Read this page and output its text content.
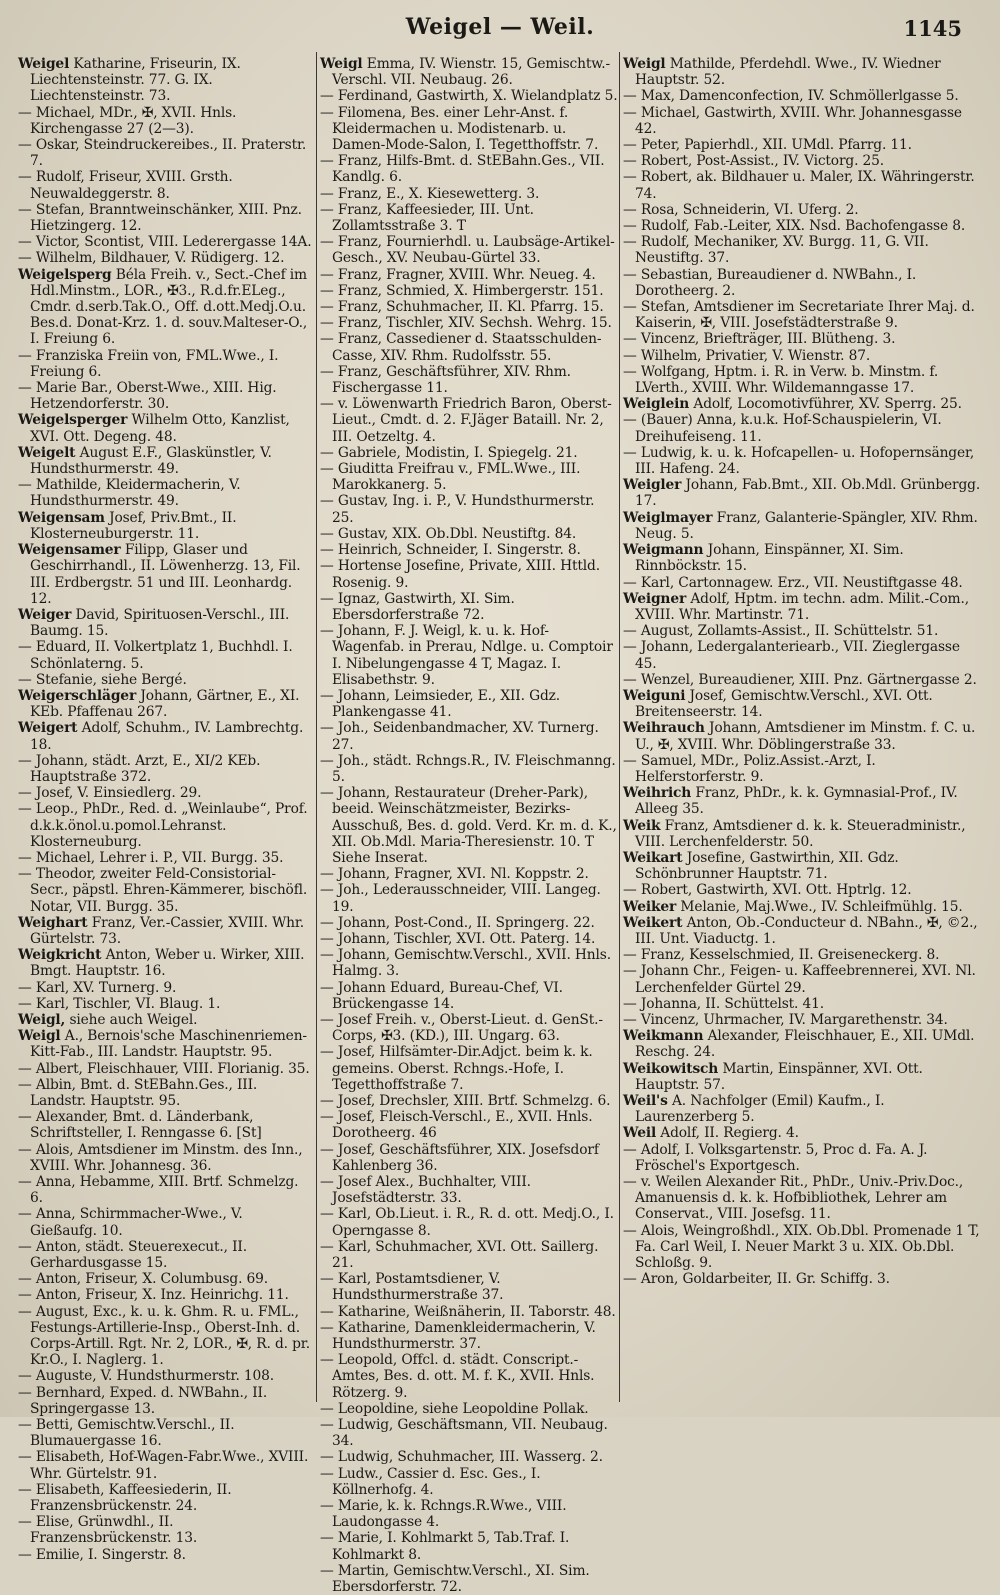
Weigel — Weil.	1145
Weigel Katharine, Friseurin, IX. Liechtensteinstr. 77. G. IX. Liechtensteinstr. 73.
— Michael, MDr., ✠, XVII. Hnls. Kirchengasse 27 (2—3).
— Oskar, Steindruckereibes., II. Praterstr. 7.
— Rudolf, Friseur, XVIII. Grsth. Neuwaldeggerstr. 8.
— Stefan, Branntweinschänker, XIII. Pnz. Hietzingerg. 12.
— Victor, Scontist, VIII. Lederergasse 14A.
— Wilhelm, Bildhauer, V. Rüdigerg. 12.
Weigelsperg Béla Freih. v., Sect.-Chef im Hdl.Minstm., LOR., ✠3., R.d.fr.ELeg., Cmdr. d.serb.Tak.O., Off. d.ott.Medj.O.u. Bes.d. Donat-Krz. 1. d. souv.Malteser-O., I. Freiung 6.
— Franziska Freiin von, FML.Wwe., I. Freiung 6.
— Marie Bar., Oberst-Wwe., XIII. Hig. Hetzendorferstr. 30.
Weigelsperger Wilhelm Otto, Kanzlist, XVI. Ott. Degeng. 48.
Weigelt August E.F., Glaskünstler, V. Hundsthurmerstr. 49.
— Mathilde, Kleidermacherin, V. Hundsthurmerstr. 49.
Weigensam Josef, Priv.Bmt., II. Klosterneuburgerstr. 11.
Weigensamer Filipp, Glaser und Geschirrhandl., II. Löwenherzg. 13, Fil. III. Erdbergstr. 51 und III. Leonhardg. 12.
Weiger David, Spirituosen-Verschl., III. Baumg. 15.
— Eduard, II. Volkertplatz 1, Buchhdl. I. Schönlaterng. 5.
— Stefanie, siehe Bergé.
Weigerschläger Johann, Gärtner, E., XI. KEb. Pfaffenau 267.
Weigert Adolf, Schuhm., IV. Lambrechtg. 18.
— Johann, städt. Arzt, E., XI/2 KEb. Hauptstraße 372.
— Josef, V. Einsiedlerg. 29.
— Leop., PhDr., Red. d. „Weinlaube“, Prof. d.k.k.önol.u.pomol.Lehranst. Klosterneuburg.
— Michael, Lehrer i. P., VII. Burgg. 35.
— Theodor, zweiter Feld-Consistorial-Secr., päpstl. Ehren-Kämmerer, bischöfl. Notar, VII. Burgg. 35.
Weighart Franz, Ver.-Cassier, XVIII. Whr. Gürtelstr. 73.
Weigkricht Anton, Weber u. Wirker, XIII. Bmgt. Hauptstr. 16.
— Karl, XV. Turnerg. 9.
— Karl, Tischler, VI. Blaug. 1.
Weigl, siehe auch Weigel.
Weigl A., Bernois'sche Maschinenriemen-Kitt-Fab., III. Landstr. Hauptstr. 95.
— Albert, Fleischhauer, VIII. Florianig. 35.
— Albin, Bmt. d. StEBahn.Ges., III. Landstr. Hauptstr. 95.
— Alexander, Bmt. d. Länderbank, Schriftsteller, I. Renngasse 6. [St]
— Alois, Amtsdiener im Minstm. des Inn., XVIII. Whr. Johannesg. 36.
— Anna, Hebamme, XIII. Brtf. Schmelzg. 6.
— Anna, Schirmmacher-Wwe., V. Gießaufg. 10.
— Anton, städt. Steuerexecut., II. Gerhardusgasse 15.
— Anton, Friseur, X. Columbusg. 69.
— Anton, Friseur, X. Inz. Heinrichg. 11.
— August, Exc., k. u. k. Ghm. R. u. FML., Festungs-Artillerie-Insp., Oberst-Inh. d. Corps-Artill. Rgt. Nr. 2, LOR., ✠, R. d. pr. Kr.O., I. Naglerg. 1.
— Auguste, V. Hundsthurmerstr. 108.
— Bernhard, Exped. d. NWBahn., II. Springergasse 13.
— Betti, Gemischtw.Verschl., II. Blumauergasse 16.
— Elisabeth, Hof-Wagen-Fabr.Wwe., XVIII. Whr. Gürtelstr. 91.
— Elisabeth, Kaffeesiederin, II. Franzensbrückenstr. 24.
— Elise, Grünwdhl., II. Franzensbrückenstr. 13.
— Emilie, I. Singerstr. 8.
Weigl Emma, IV. Wienstr. 15, Gemischtw.-Verschl. VII. Neubaug. 26.
— Ferdinand, Gastwirth, X. Wielandplatz 5.
— Filomena, Bes. einer Lehr-Anst. f. Kleidermachen u. Modistenarb. u. Damen-Mode-Salon, I. Tegetthoffstr. 7.
— Franz, Hilfs-Bmt. d. StEBahn.Ges., VII. Kandlg. 6.
— Franz, E., X. Kiesewetterg. 3.
— Franz, Kaffeesieder, III. Unt. Zollamtsstraße 3. T
— Franz, Fournierhdl. u. Laubsäge-Artikel-Gesch., XV. Neubau-Gürtel 33.
— Franz, Fragner, XVIII. Whr. Neueg. 4.
— Franz, Schmied, X. Himbergerstr. 151.
— Franz, Schuhmacher, II. Kl. Pfarrg. 15.
— Franz, Tischler, XIV. Sechsh. Wehrg. 15.
— Franz, Cassediener d. Staatsschulden-Casse, XIV. Rhm. Rudolfsstr. 55.
— Franz, Geschäftsführer, XIV. Rhm. Fischergasse 11.
— v. Löwenwarth Friedrich Baron, Oberst-Lieut., Cmdt. d. 2. F.Jäger Bataill. Nr. 2, III. Oetzeltg. 4.
— Gabriele, Modistin, I. Spiegelg. 21.
— Giuditta Freifrau v., FML.Wwe., III. Marokkanerg. 5.
— Gustav, Ing. i. P., V. Hundsthurmerstr. 25.
— Gustav, XIX. Ob.Dbl. Neustiftg. 84.
— Heinrich, Schneider, I. Singerstr. 8.
— Hortense Josefine, Private, XIII. Httld. Rosenig. 9.
— Ignaz, Gastwirth, XI. Sim. Ebersdorferstraße 72.
— Johann, F. J. Weigl, k. u. k. Hof-Wagenfab. in Prerau, Ndlge. u. Comptoir I. Nibelungengasse 4 T, Magaz. I. Elisabethstr. 9.
— Johann, Leimsieder, E., XII. Gdz. Plankengasse 41.
— Joh., Seidenbandmacher, XV. Turnerg. 27.
— Joh., städt. Rchngs.R., IV. Fleischmanng. 5.
— Johann, Restaurateur (Dreher-Park), beeid. Weinschätzmeister, Bezirks-Ausschuß, Bes. d. gold. Verd. Kr. m. d. K., XII. Ob.Mdl. Maria-Theresienstr. 10. T Siehe Inserat.
— Johann, Fragner, XVI. Nl. Koppstr. 2.
— Joh., Lederausschneider, VIII. Langeg. 19.
— Johann, Post-Cond., II. Springerg. 22.
— Johann, Tischler, XVI. Ott. Paterg. 14.
— Johann, Gemischtw.Verschl., XVII. Hnls. Halmg. 3.
— Johann Eduard, Bureau-Chef, VI. Brückengasse 14.
— Josef Freih. v., Oberst-Lieut. d. GenSt.-Corps, ✠3. (KD.), III. Ungarg. 63.
— Josef, Hilfsämter-Dir.Adjct. beim k. k. gemeins. Oberst. Rchngs.-Hofe, I. Tegetthoffstraße 7.
— Josef, Drechsler, XIII. Brtf. Schmelzg. 6.
— Josef, Fleisch-Verschl., E., XVII. Hnls. Dorotheerg. 46
— Josef, Geschäftsführer, XIX. Josefsdorf Kahlenberg 36.
— Josef Alex., Buchhalter, VIII. Josefstädterstr. 33.
— Karl, Ob.Lieut. i. R., R. d. ott. Medj.O., I. Operngasse 8.
— Karl, Schuhmacher, XVI. Ott. Saillerg. 21.
— Karl, Postamtsdiener, V. Hundsthurmerstraße 37.
— Katharine, Weißnäherin, II. Taborstr. 48.
— Katharine, Damenkleidermacherin, V. Hundsthurmerstr. 37.
— Leopold, Offcl. d. städt. Conscript.-Amtes, Bes. d. ott. M. f. K., XVII. Hnls. Rötzerg. 9.
— Leopoldine, siehe Leopoldine Pollak.
— Ludwig, Geschäftsmann, VII. Neubaug. 34.
— Ludwig, Schuhmacher, III. Wasserg. 2.
— Ludw., Cassier d. Esc. Ges., I. Köllnerhofg. 4.
— Marie, k. k. Rchngs.R.Wwe., VIII. Laudongasse 4.
— Marie, I. Kohlmarkt 5, Tab.Traf. I. Kohlmarkt 8.
— Martin, Gemischtw.Verschl., XI. Sim. Ebersdorferstr. 72.
Weigl Mathilde, Pferdehdl. Wwe., IV. Wiedner Hauptstr. 52.
— Max, Damenconfection, IV. Schmöllerlgasse 5.
— Michael, Gastwirth, XVIII. Whr. Johannesgasse 42.
— Peter, Papierhdl., XII. UMdl. Pfarrg. 11.
— Robert, Post-Assist., IV. Victorg. 25.
— Robert, ak. Bildhauer u. Maler, IX. Währingerstr. 74.
— Rosa, Schneiderin, VI. Uferg. 2.
— Rudolf, Fab.-Leiter, XIX. Nsd. Bachofengasse 8.
— Rudolf, Mechaniker, XV. Burgg. 11, G. VII. Neustiftg. 37.
— Sebastian, Bureaudiener d. NWBahn., I. Dorotheerg. 2.
— Stefan, Amtsdiener im Secretariate Ihrer Maj. d. Kaiserin, ✠, VIII. Josefstädterstraße 9.
— Vincenz, Briefträger, III. Blütheng. 3.
— Wilhelm, Privatier, V. Wienstr. 87.
— Wolfgang, Hptm. i. R. in Verw. b. Minstm. f. LVerth., XVIII. Whr. Wildemanngasse 17.
Weiglein Adolf, Locomotivführer, XV. Sperrg. 25.
— (Bauer) Anna, k.u.k. Hof-Schauspielerin, VI. Dreihufeiseng. 11.
— Ludwig, k. u. k. Hofcapellen- u. Hofopernsänger, III. Hafeng. 24.
Weigler Johann, Fab.Bmt., XII. Ob.Mdl. Grünbergg. 17.
Weiglmayer Franz, Galanterie-Spängler, XIV. Rhm. Neug. 5.
Weigmann Johann, Einspänner, XI. Sim. Rinnböckstr. 15.
— Karl, Cartonnagew. Erz., VII. Neustiftgasse 48.
Weigner Adolf, Hptm. im techn. adm. Milit.-Com., XVIII. Whr. Martinstr. 71.
— August, Zollamts-Assist., II. Schüttelstr. 51.
— Johann, Ledergalanteriearb., VII. Zieglergasse 45.
— Wenzel, Bureaudiener, XIII. Pnz. Gärtnergasse 2.
Weiguni Josef, Gemischtw.Verschl., XVI. Ott. Breitenseerstr. 14.
Weihrauch Johann, Amtsdiener im Minstm. f. C. u. U., ✠, XVIII. Whr. Döblingerstraße 33.
— Samuel, MDr., Poliz.Assist.-Arzt, I. Helferstorferstr. 9.
Weihrich Franz, PhDr., k. k. Gymnasial-Prof., IV. Alleeg 35.
Weik Franz, Amtsdiener d. k. k. Steueradministr., VIII. Lerchenfelderstr. 50.
Weikart Josefine, Gastwirthin, XII. Gdz. Schönbrunner Hauptstr. 71.
— Robert, Gastwirth, XVI. Ott. Hptrlg. 12.
Weiker Melanie, Maj.Wwe., IV. Schleifmühlg. 15.
Weikert Anton, Ob.-Conducteur d. NBahn., ✠, ©2., III. Unt. Viaductg. 1.
— Franz, Kesselschmied, II. Greiseneckerg. 8.
— Johann Chr., Feigen- u. Kaffeebrennerei, XVI. Nl. Lerchenfelder Gürtel 29.
— Johanna, II. Schüttelst. 41.
— Vincenz, Uhrmacher, IV. Margarethenstr. 34.
Weikmann Alexander, Fleischhauer, E., XII. UMdl. Reschg. 24.
Weikowitsch Martin, Einspänner, XVI. Ott. Hauptstr. 57.
Weil's A. Nachfolger (Emil) Kaufm., I. Laurenzerberg 5.
Weil Adolf, II. Regierg. 4.
— Adolf, I. Volksgartenstr. 5, Proc d. Fa. A. J. Fröschel's Exportgesch.
— v. Weilen Alexander Rit., PhDr., Univ.-Priv.Doc., Amanuensis d. k. k. Hofbibliothek, Lehrer am Conservat., VIII. Josefsg. 11.
— Alois, Weingroßhdl., XIX. Ob.Dbl. Promenade 1 T, Fa. Carl Weil, I. Neuer Markt 3 u. XIX. Ob.Dbl. Schloßg. 9.
— Aron, Goldarbeiter, II. Gr. Schiffg. 3.
